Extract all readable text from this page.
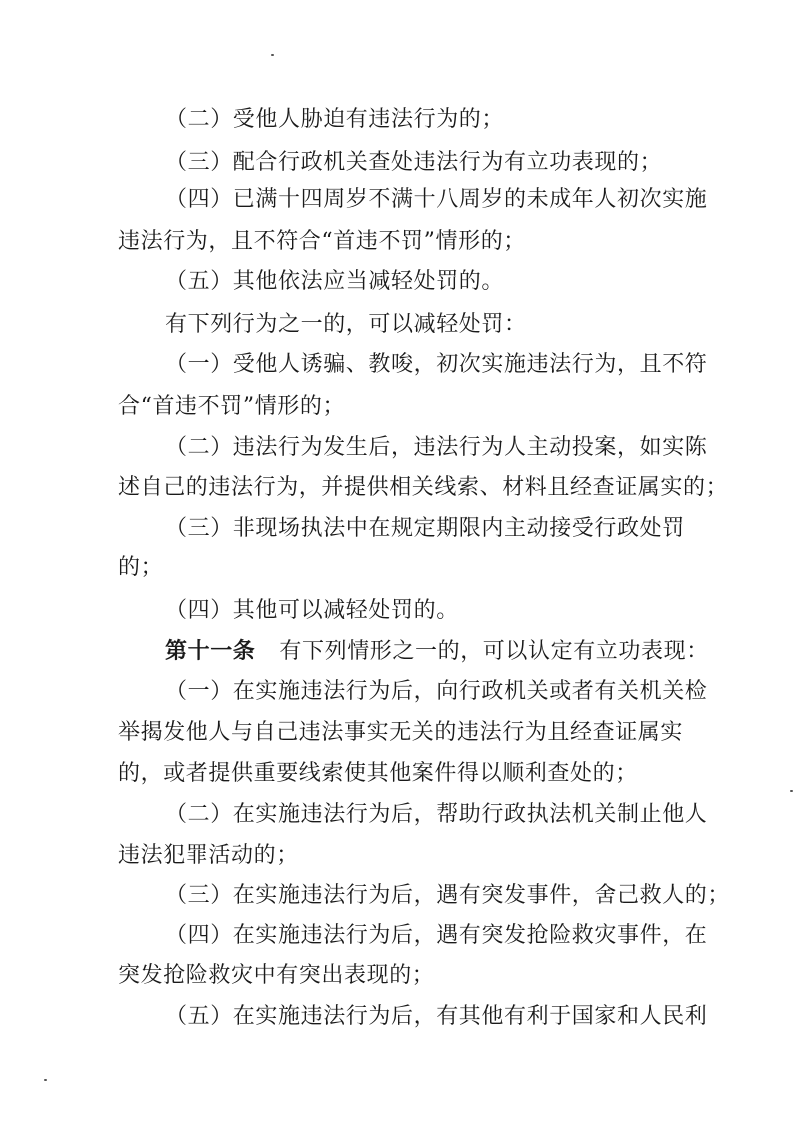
（二）受他人胁迫有违法行为的；
（三）配合行政机关查处违法行为有立功表现的；
（四）已满十四周岁不满十八周岁的未成年人初次实施
违法行为，且不符合“首违不罚”情形的；
（五）其他依法应当减轻处罚的。
有下列行为之一的，可以减轻处罚：
（一）受他人诱骗、教唆，初次实施违法行为，且不符
合“首违不罚”情形的；
（二）违法行为发生后，违法行为人主动投案，如实陈
述自己的违法行为，并提供相关线索、材料且经查证属实的；
（三）非现场执法中在规定期限内主动接受行政处罚
的；
（四）其他可以减轻处罚的。
第十一条 有下列情形之一的，可以认定有立功表现：
（一）在实施违法行为后，向行政机关或者有关机关检
举揭发他人与自己违法事实无关的违法行为且经查证属实
的，或者提供重要线索使其他案件得以顺利查处的；
（二）在实施违法行为后，帮助行政执法机关制止他人
违法犯罪活动的；
（三）在实施违法行为后，遇有突发事件，舍己救人的；
（四）在实施违法行为后，遇有突发抢险救灾事件，在
突发抢险救灾中有突出表现的；
（五）在实施违法行为后，有其他有利于国家和人民利
